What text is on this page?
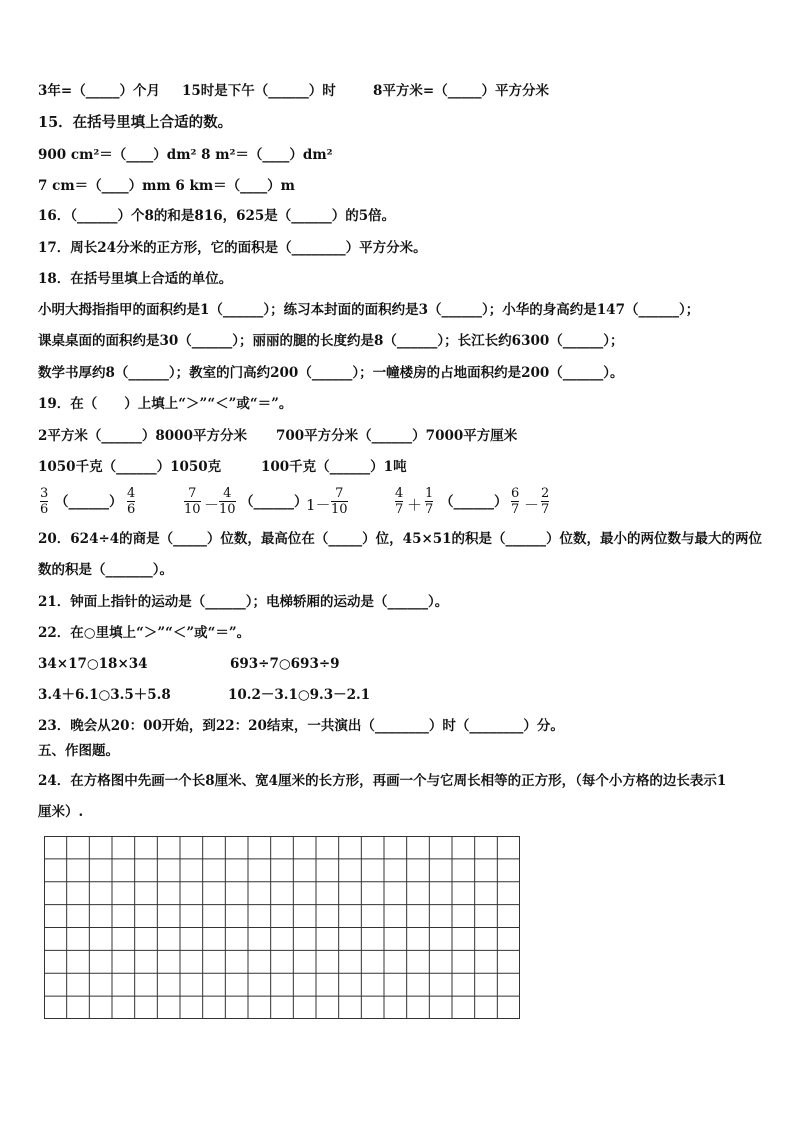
3年=（_____）个月 15时是下午（______）时	8平方米=（_____）平方分米
15．在括号里填上合适的数。
900 cm²＝（____）dm² 8 m²＝（____）dm²
7 cm＝（____）mm 6 km＝（____）m
16．（______）个8的和是816，625是（______）的5倍。
17．周长24分米的正方形，它的面积是（________）平方分米。
18．在括号里填上合适的单位。
小明大拇指指甲的面积约是1（______）；练习本封面的面积约是3（______）；小华的身高约是147（______）；
课桌桌面的面积约是30（______）；丽丽的腿的长度约是8（______）；长江长约6300（______）；
数学书厚约8（______）；教室的门高约200（______）；一幢楼房的占地面积约是200（______）。
19．在（　　）上填上“＞”“＜”或“＝”。
2平方米（______）8000平方分米 700平方分米（______）7000平方厘米
1050千克（______）1050克	100千克（______）1吨
3
6 （______）
4
6
7
10 －
4
10 （______）
1－
7
10
4
7 ＋
1
7 （______）
6
7 －
2
7
20．624÷4的商是（_____）位数，最高位在（_____）位，45×51的积是（______）位数，最小的两位数与最大的两位
数的积是（_______）。
21．钟面上指针的运动是（______）；电梯轿厢的运动是（______）。
22．在○里填上“＞”“＜”或“＝”。
34×17○18×34	693÷7○693÷9
3.4＋6.1○3.5＋5.8	10.2－3.1○9.3－2.1
23．晚会从20：00开始，到22：20结束，一共演出（________）时（________）分。
五、作图题。
24．在方格图中先画一个长8厘米、宽4厘米的长方形，再画一个与它周长相等的正方形，（每个小方格的边长表示1
厘米）.
